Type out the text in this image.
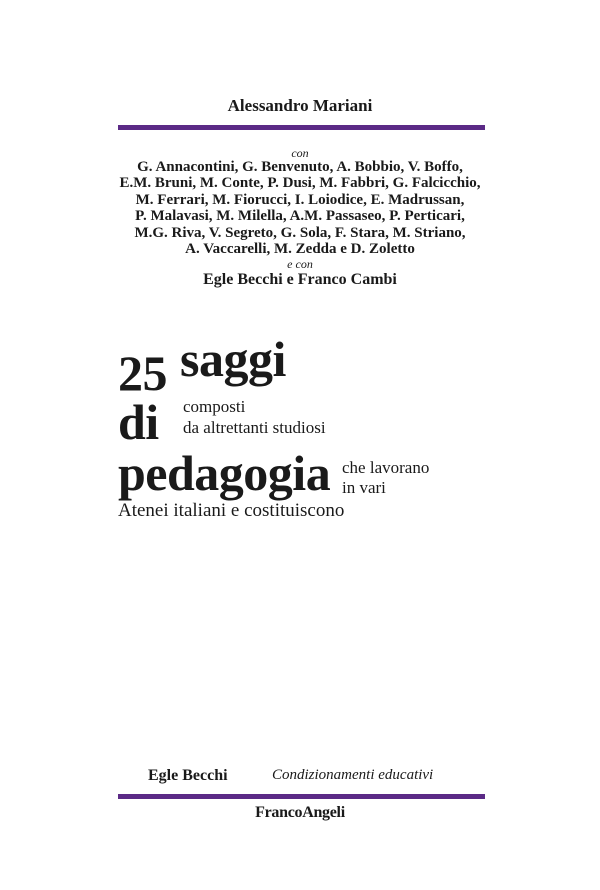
Alessandro Mariani
con
G. Annacontini, G. Benvenuto, A. Bobbio, V. Boffo,
E.M. Bruni, M. Conte, P. Dusi, M. Fabbri, G. Falcicchio,
M. Ferrari, M. Fiorucci, I. Loiodice, E. Madrussan,
P. Malavasi, M. Milella, A.M. Passaseo, P. Perticari,
M.G. Riva, V. Segreto, G. Sola, F. Stara, M. Striano,
A. Vaccarelli, M. Zedda e D. Zoletto
e con
Egle Becchi e Franco Cambi
25 saggi
composti
da altrettanti studiosi
di
pedagogia che lavorano
in vari
Atenei italiani e costituiscono
Egle Becchi	Condizionamenti educativi
FrancoAngeli
